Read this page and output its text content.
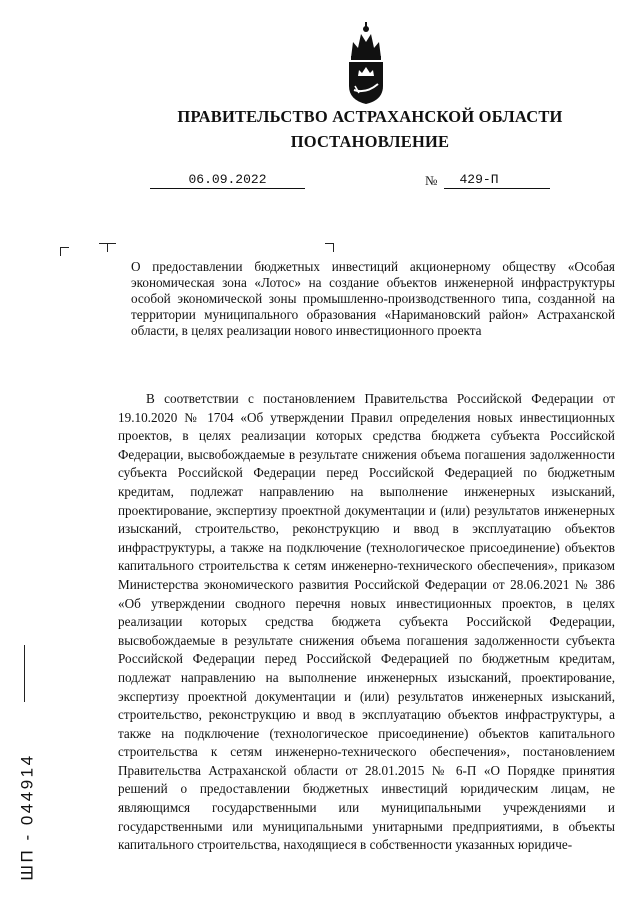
ПРАВИТЕЛЬСТВО АСТРАХАНСКОЙ ОБЛАСТИ
ПОСТАНОВЛЕНИЕ
06.09.2022	№	429-П
О предоставлении бюджетных инвестиций акционерному обществу «Особая экономическая зона «Лотос» на создание объектов инженерной инфраструктуры особой экономической зоны промышленно-производственного типа, созданной на территории муниципального образования «Наримановский район» Астраханской области, в целях реализации нового инвестиционного проекта
В соответствии с постановлением Правительства Российской Федерации от 19.10.2020 № 1704 «Об утверждении Правил определения новых инвестиционных проектов, в целях реализации которых средства бюджета субъекта Российской Федерации, высвобождаемые в результате снижения объема погашения задолженности субъекта Российской Федерации перед Российской Федерацией по бюджетным кредитам, подлежат направлению на выполнение инженерных изысканий, проектирование, экспертизу проектной документации и (или) результатов инженерных изысканий, строительство, реконструкцию и ввод в эксплуатацию объектов инфраструктуры, а также на подключение (технологическое присоединение) объектов капитального строительства к сетям инженерно-технического обеспечения», приказом Министерства экономического развития Российской Федерации от 28.06.2021 № 386 «Об утверждении сводного перечня новых инвестиционных проектов, в целях реализации которых средства бюджета субъекта Российской Федерации, высвобождаемые в результате снижения объема погашения задолженности субъекта Российской Федерации перед Российской Федерацией по бюджетным кредитам, подлежат направлению на выполнение инженерных изысканий, проектирование, экспертизу проектной документации и (или) результатов инженерных изысканий, строительство, реконструкцию и ввод в эксплуатацию объектов инфраструктуры, а также на подключение (технологическое присоединение) объектов капитального строительства к сетям инженерно-технического обеспечения», постановлением Правительства Астраханской области от 28.01.2015 № 6-П «О Порядке принятия решений о предоставлении бюджетных инвестиций юридическим лицам, не являющимся государственными или муниципальными учреждениями и государственными или муниципальными унитарными предприятиями, в объекты капитального строительства, находящиеся в собственности указанных юридиче-
ШП - 044914
